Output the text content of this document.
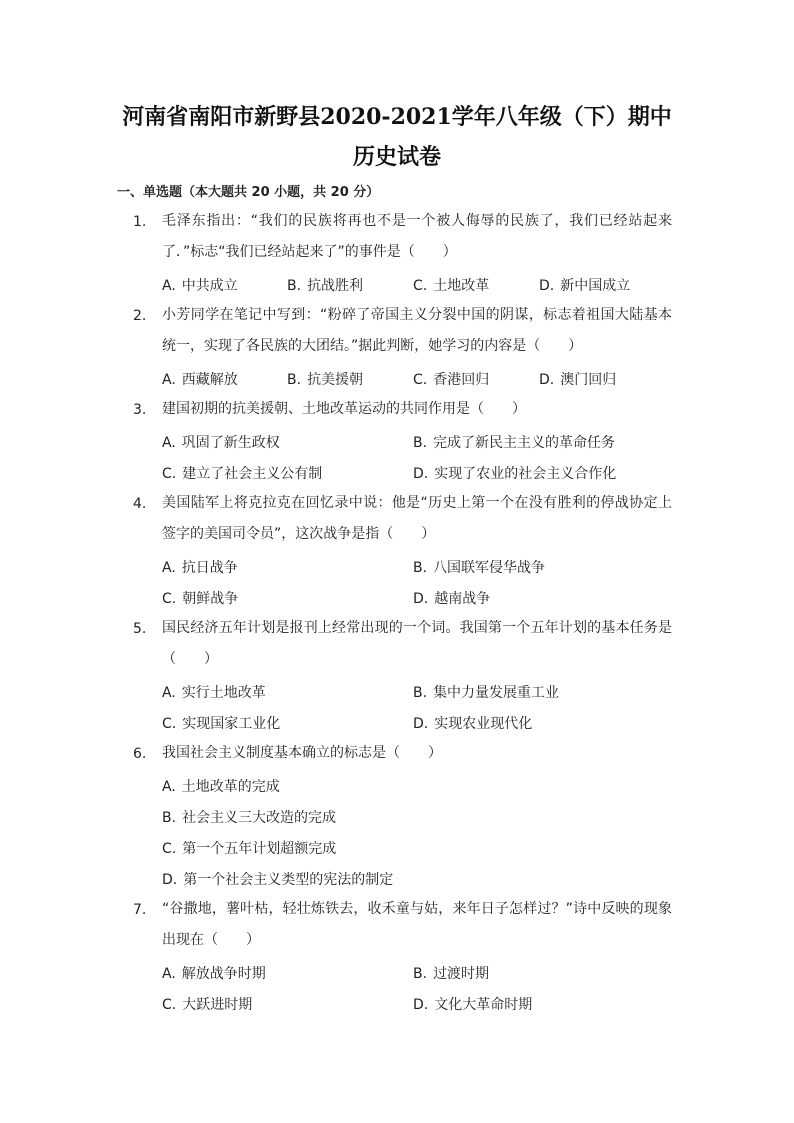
河南省南阳市新野县2020-2021学年八年级（下）期中
历史试卷
一、单选题（本大题共 20 小题，共 20 分）
1. 毛泽东指出：“我们的民族将再也不是一个被人侮辱的民族了，我们已经站起来了．”标志“我们已经站起来了”的事件是（　　）
A. 中共成立	B. 抗战胜利	C. 土地改革	D. 新中国成立
2. 小芳同学在笔记中写到：“粉碎了帝国主义分裂中国的阴谋，标志着祖国大陆基本统一，实现了各民族的大团结。”据此判断，她学习的内容是（　　）
A. 西藏解放	B. 抗美援朝	C. 香港回归	D. 澳门回归
3. 建国初期的抗美援朝、土地改革运动的共同作用是（　　）
A. 巩固了新生政权	B. 完成了新民主主义的革命任务
C. 建立了社会主义公有制	D. 实现了农业的社会主义合作化
4. 美国陆军上将克拉克在回忆录中说：他是“历史上第一个在没有胜利的停战协定上签字的美国司令员”，这次战争是指（　　）
A. 抗日战争	B. 八国联军侵华战争
C. 朝鲜战争	D. 越南战争
5. 国民经济五年计划是报刊上经常出现的一个词。我国第一个五年计划的基本任务是（　　）
A. 实行土地改革	B. 集中力量发展重工业
C. 实现国家工业化	D. 实现农业现代化
6. 我国社会主义制度基本确立的标志是（　　）
A. 土地改革的完成
B. 社会主义三大改造的完成
C. 第一个五年计划超额完成
D. 第一个社会主义类型的宪法的制定
7. “谷撒地，薯叶枯，轻壮炼铁去，收禾童与姑，来年日子怎样过？”诗中反映的现象出现在（　　）
A. 解放战争时期	B. 过渡时期
C. 大跃进时期	D. 文化大革命时期
